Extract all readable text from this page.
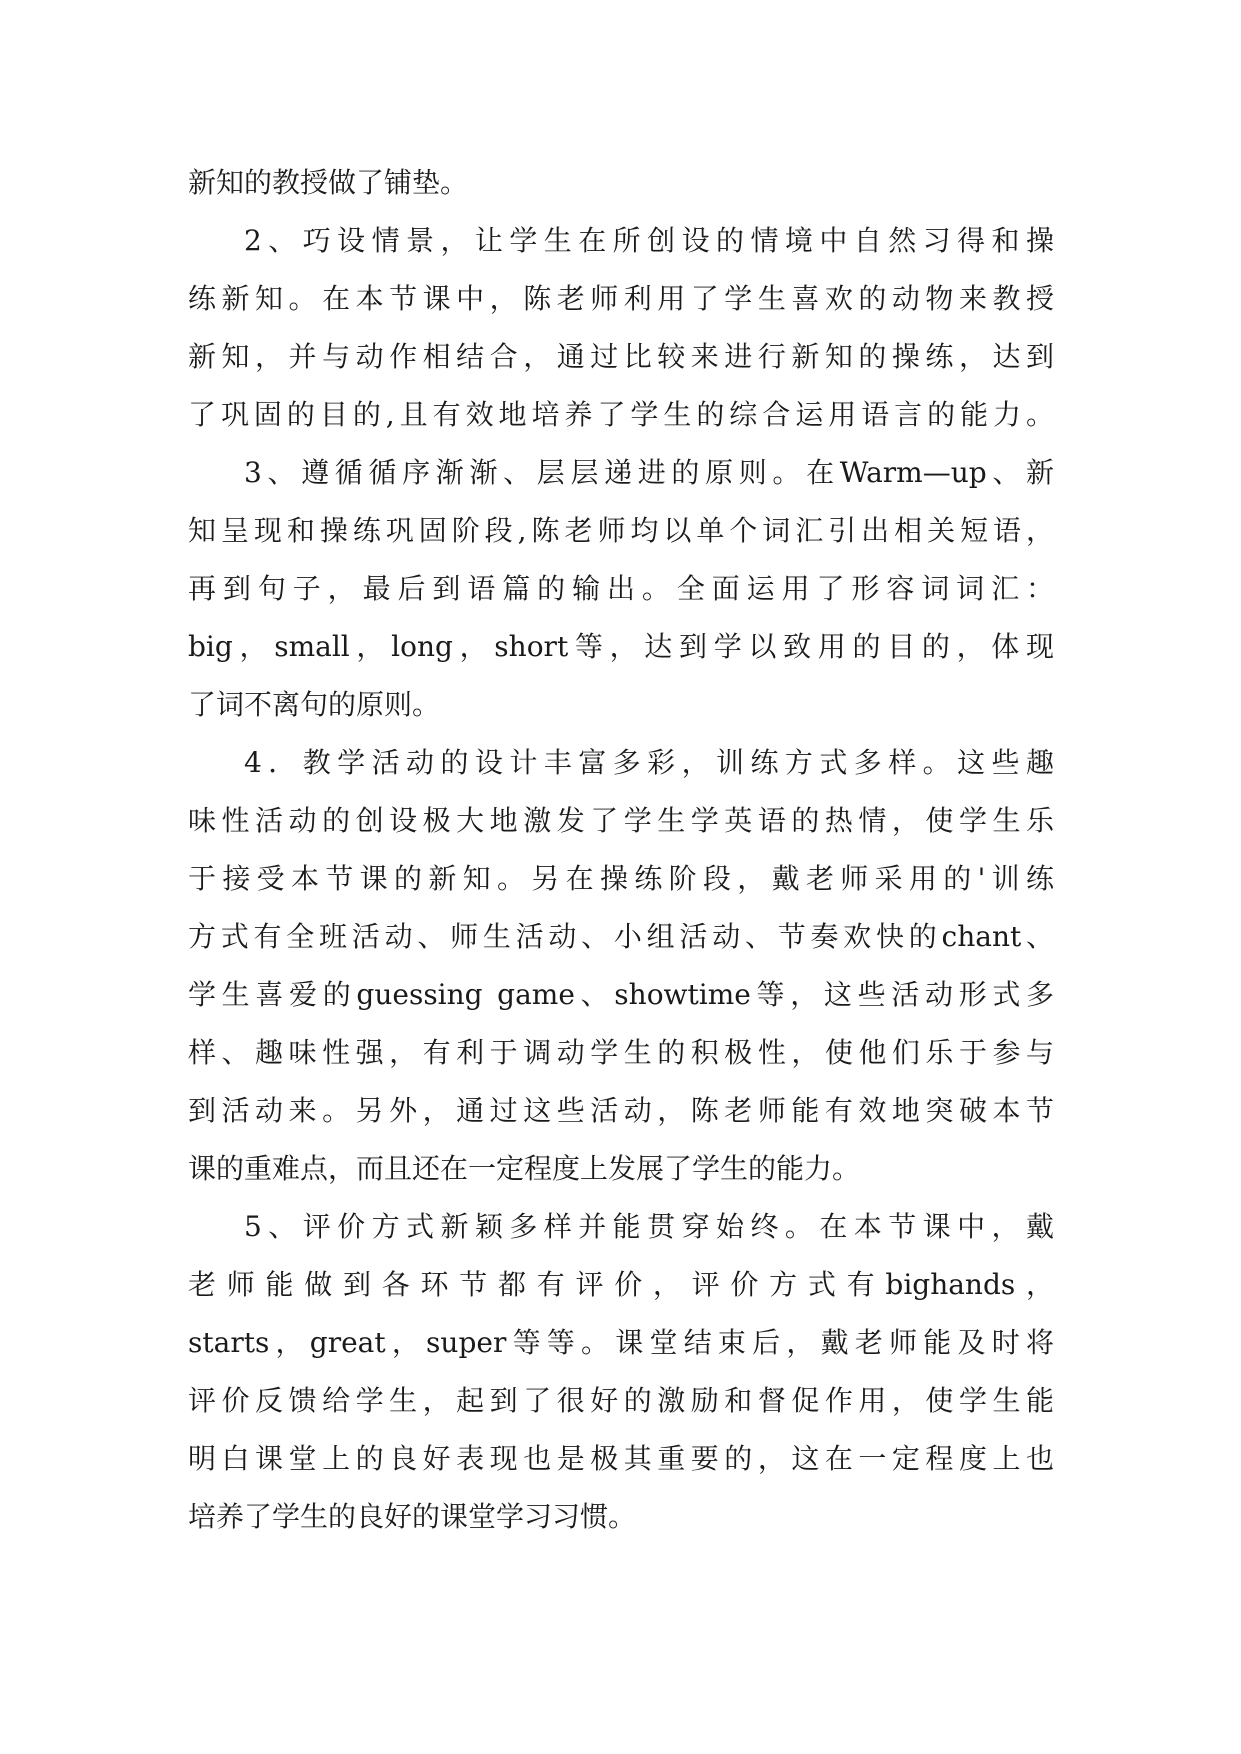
新知的教授做了铺垫。
2、巧设情景，让学生在所创设的情境中自然习得和操
练新知。在本节课中，陈老师利用了学生喜欢的动物来教授
新知，并与动作相结合，通过比较来进行新知的操练，达到
了巩固的目的,且有效地培养了学生的综合运用语言的能力。
3、遵循循序渐渐、层层递进的原则。在Warm—up、新
知呈现和操练巩固阶段,陈老师均以单个词汇引出相关短语，
再到句子，最后到语篇的输出。全面运用了形容词词汇：
big，small，long，short等，达到学以致用的目的，体现
了词不离句的原则。
4．教学活动的设计丰富多彩，训练方式多样。这些趣
味性活动的创设极大地激发了学生学英语的热情，使学生乐
于接受本节课的新知。另在操练阶段，戴老师采用的'训练
方式有全班活动、师生活动、小组活动、节奏欢快的chant、
学生喜爱的guessing game、showtime等，这些活动形式多
样、趣味性强，有利于调动学生的积极性，使他们乐于参与
到活动来。另外，通过这些活动，陈老师能有效地突破本节
课的重难点，而且还在一定程度上发展了学生的能力。
5、评价方式新颖多样并能贯穿始终。在本节课中，戴
老师能做到各环节都有评价，评价方式有bighands，
starts，great，super等等。课堂结束后，戴老师能及时将
评价反馈给学生，起到了很好的激励和督促作用，使学生能
明白课堂上的良好表现也是极其重要的，这在一定程度上也
培养了学生的良好的课堂学习习惯。
